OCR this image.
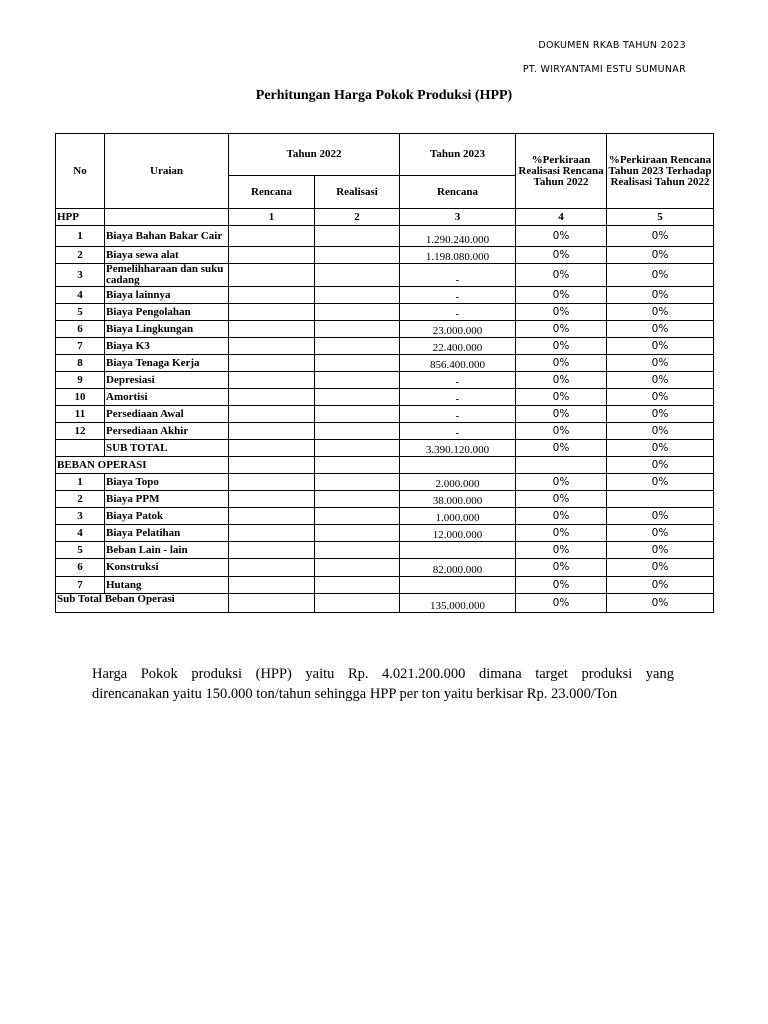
DOKUMEN RKAB TAHUN 2023
PT. WIRYANTAMI ESTU SUMUNAR
Perhitungan Harga Pokok Produksi (HPP)
No	Uraian	Tahun 2022		Tahun 2023	%Perkiraan Realisasi Rencana Tahun 2022	%Perkiraan Rencana Tahun 2023 Terhadap Realisasi Tahun 2022
		Rencana	Realisasi	Rencana		
HPP		1	2	3	4	5
1	Biaya Bahan Bakar Cair			1.290.240.000	0%	0%
2	Biaya sewa alat			1.198.080.000	0%	0%
3	Pemelihharaan dan suku cadang			-	0%	0%
4	Biaya lainnya			-	0%	0%
5	Biaya Pengolahan			-	0%	0%
6	Biaya Lingkungan			23.000.000	0%	0%
7	Biaya K3			22.400.000	0%	0%
8	Biaya Tenaga Kerja			856.400.000	0%	0%
9	Depresiasi			-	0%	0%
10	Amortisi			-	0%	0%
11	Persediaan Awal			-	0%	0%
12	Persediaan Akhir			-	0%	0%
	SUB TOTAL			3.390.120.000	0%	0%
BEBAN OPERASI						0%
1	Biaya Topo			2.000.000	0%	0%
2	Biaya PPM			38.000.000	0%	
3	Biaya Patok			1.000.000	0%	0%
4	Biaya Pelatihan			12.000.000	0%	0%
5	Beban Lain - lain				0%	0%
6	Konstruksi			82.000.000	0%	0%
7	Hutang				0%	0%
Sub Total Beban Operasi				135.000.000	0%	0%
Harga Pokok produksi (HPP) yaitu Rp. 4.021.200.000 dimana target produksi yang
direncanakan yaitu 150.000 ton/tahun sehingga HPP per ton yaitu berkisar Rp. 23.000/Ton
